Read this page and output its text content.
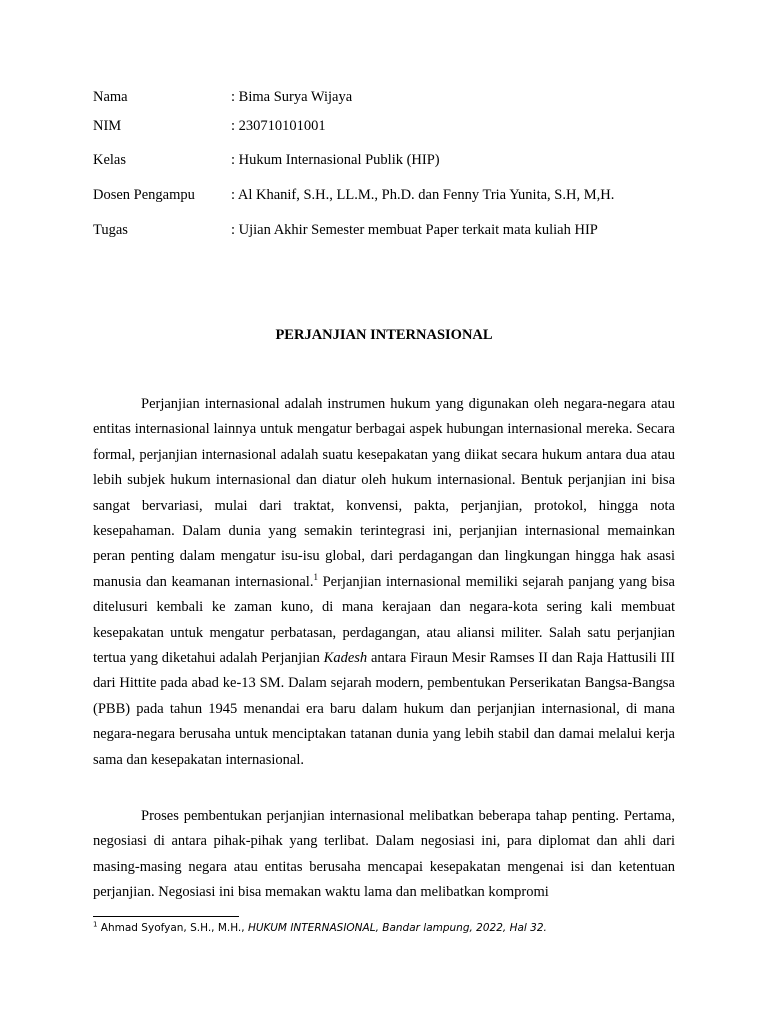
Nama	: Bima Surya Wijaya
NIM	: 230710101001
Kelas	: Hukum Internasional Publik (HIP)
Dosen Pengampu : Al Khanif, S.H., LL.M., Ph.D. dan Fenny Tria Yunita, S.H, M,H.
Tugas	: Ujian Akhir Semester membuat Paper terkait mata kuliah HIP
PERJANJIAN INTERNASIONAL

Perjanjian internasional adalah instrumen hukum yang digunakan oleh negara-negara atau entitas internasional lainnya untuk mengatur berbagai aspek hubungan internasional mereka. Secara formal, perjanjian internasional adalah suatu kesepakatan yang diikat secara hukum antara dua atau lebih subjek hukum internasional dan diatur oleh hukum internasional. Bentuk perjanjian ini bisa sangat bervariasi, mulai dari traktat, konvensi, pakta, perjanjian, protokol, hingga nota kesepahaman. Dalam dunia yang semakin terintegrasi ini, perjanjian internasional memainkan peran penting dalam mengatur isu-isu global, dari perdagangan dan lingkungan hingga hak asasi manusia dan keamanan internasional.$^1$ Perjanjian internasional memiliki sejarah panjang yang bisa ditelusuri kembali ke zaman kuno, di mana kerajaan dan negara-kota sering kali membuat kesepakatan untuk mengatur perbatasan, perdagangan, atau aliansi militer. Salah satu perjanjian tertua yang diketahui adalah Perjanjian Kadesh antara Firaun Mesir Ramses II dan Raja Hattusili III dari Hittite pada abad ke-13 SM. Dalam sejarah modern, pembentukan Perserikatan Bangsa-Bangsa (PBB) pada tahun 1945 menandai era baru dalam hukum dan perjanjian internasional, di mana negara-negara berusaha untuk menciptakan tatanan dunia yang lebih stabil dan damai melalui kerja sama dan kesepakatan internasional.

Proses pembentukan perjanjian internasional melibatkan beberapa tahap penting. Pertama, negosiasi di antara pihak-pihak yang terlibat. Dalam negosiasi ini, para diplomat dan ahli dari masing-masing negara atau entitas berusaha mencapai kesepakatan mengenai isi dan ketentuan perjanjian. Negosiasi ini bisa memakan waktu lama dan melibatkan kompromi

$^1$ Ahmad Syofyan, S.H., M.H., HUKUM INTERNASIONAL, Bandar lampung, 2022, Hal 32.
